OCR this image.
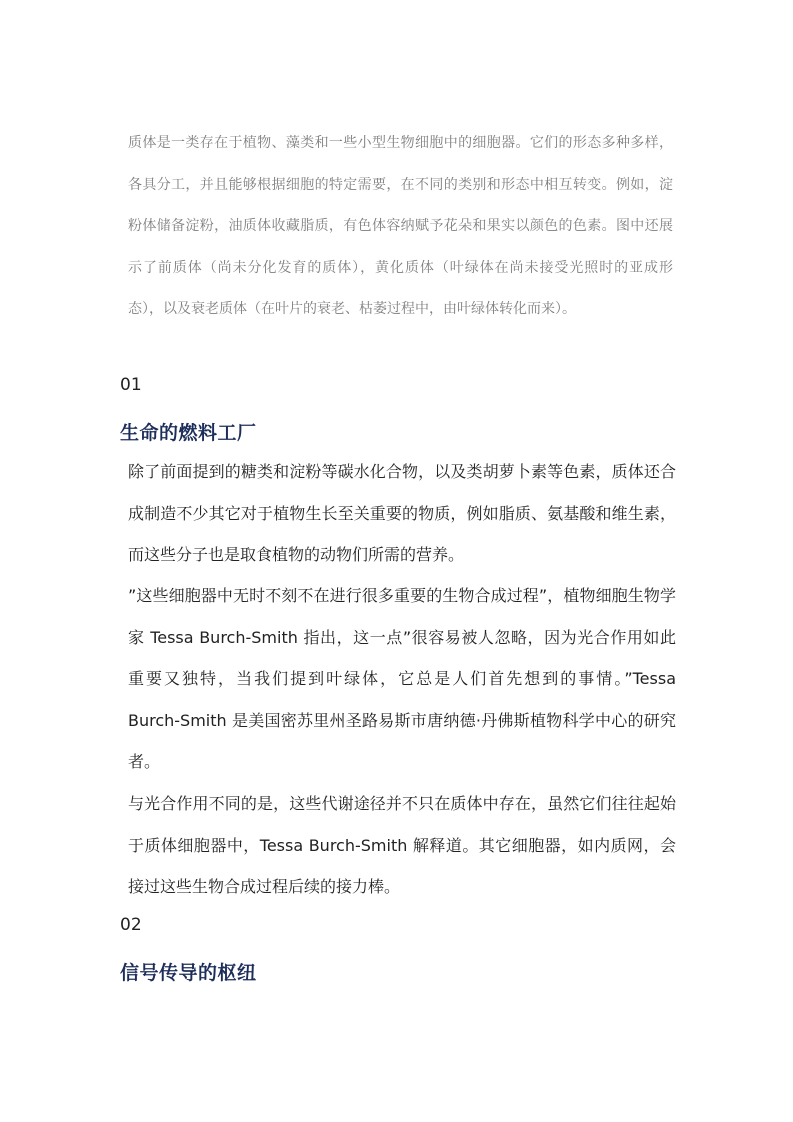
质体是一类存在于植物、藻类和一些小型生物细胞中的细胞器。它们的形态多种多样，各具分工，并且能够根据细胞的特定需要，在不同的类别和形态中相互转变。例如，淀粉体储备淀粉，油质体收藏脂质，有色体容纳赋予花朵和果实以颜色的色素。图中还展示了前质体（尚未分化发育的质体），黄化质体（叶绿体在尚未接受光照时的亚成形态），以及衰老质体（在叶片的衰老、枯萎过程中，由叶绿体转化而来）。

01

生命的燃料工厂

除了前面提到的糖类和淀粉等碳水化合物，以及类胡萝卜素等色素，质体还合成制造不少其它对于植物生长至关重要的物质，例如脂质、氨基酸和维生素，而这些分子也是取食植物的动物们所需的营养。

”这些细胞器中无时不刻不在进行很多重要的生物合成过程”，植物细胞生物学家 Tessa Burch-Smith 指出，这一点”很容易被人忽略，因为光合作用如此重要又独特，当我们提到叶绿体，它总是人们首先想到的事情。”Tessa Burch-Smith 是美国密苏里州圣路易斯市唐纳德·丹佛斯植物科学中心的研究者。

与光合作用不同的是，这些代谢途径并不只在质体中存在，虽然它们往往起始于质体细胞器中，Tessa Burch-Smith 解释道。其它细胞器，如内质网，会接过这些生物合成过程后续的接力棒。

02

信号传导的枢纽
